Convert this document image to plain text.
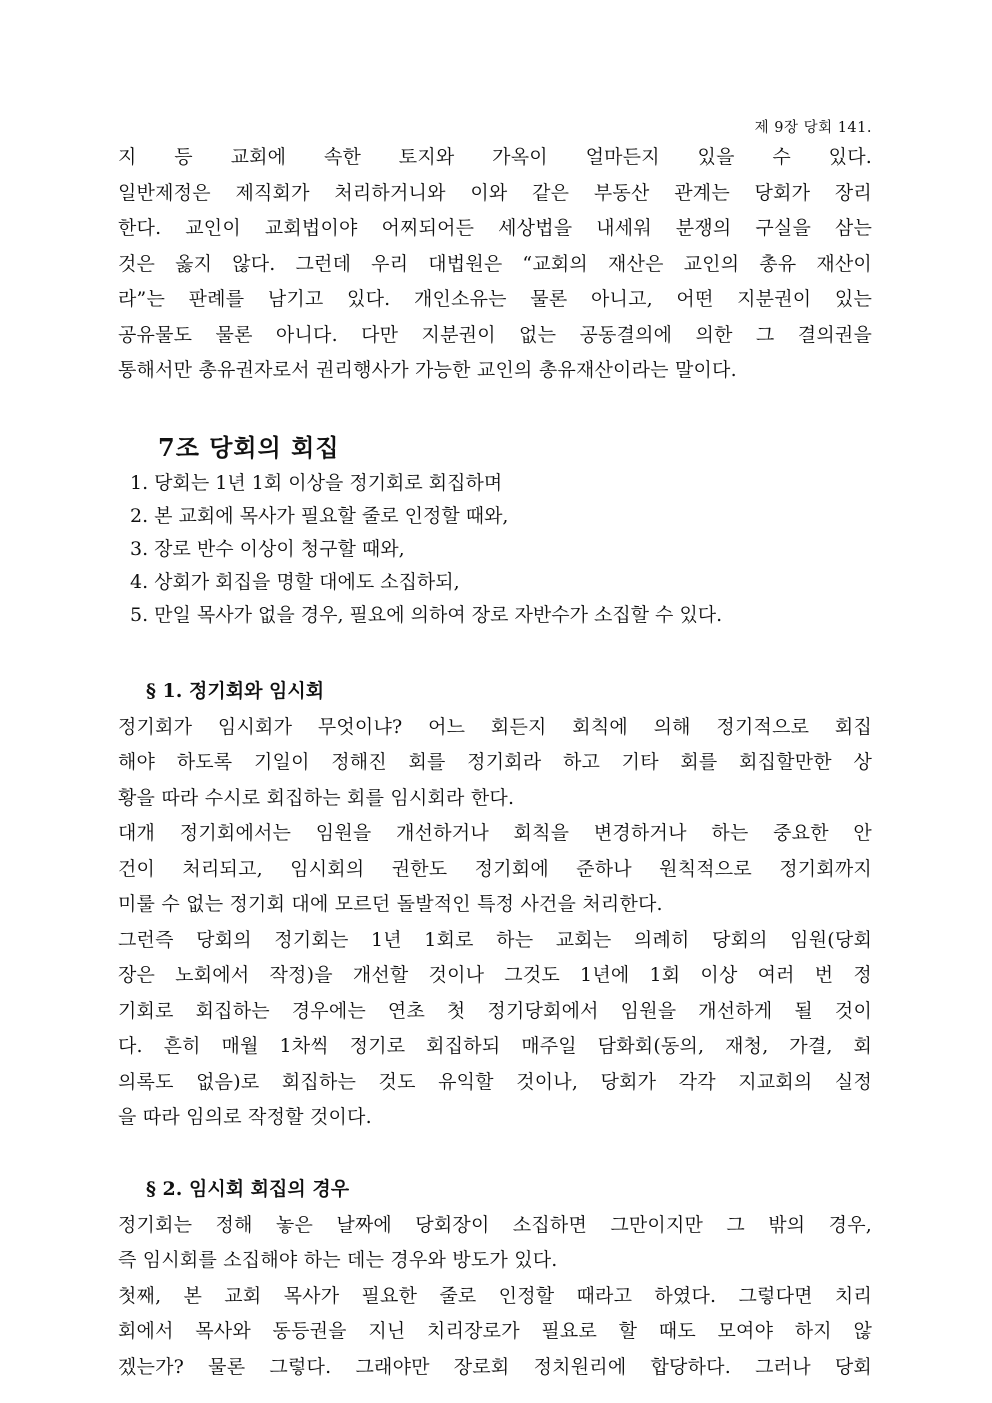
제 9장 당회 141.

지 등 교회에 속한 토지와 가옥이 얼마든지 있을 수 있다.

일반제정은 제직회가 처리하거니와 이와 같은 부동산 관계는 당회가 장리

한다. 교인이 교회법이야 어찌되어든 세상법을 내세워 분쟁의 구실을 삼는

것은 옳지 않다. 그런데 우리 대법원은 “교회의 재산은 교인의 총유 재산이

라”는 판례를 남기고 있다. 개인소유는 물론 아니고, 어떤 지분권이 있는

공유물도 물론 아니다. 다만 지분권이 없는 공동결의에 의한 그 결의권을

통해서만 총유권자로서 권리행사가 가능한 교인의 총유재산이라는 말이다.

7조 당회의 회집
1. 당회는 1년 1회 이상을 정기회로 회집하며
2. 본 교회에 목사가 필요할 줄로 인정할 때와,
3. 장로 반수 이상이 청구할 때와,
4. 상회가 회집을 명할 대에도 소집하되,
5. 만일 목사가 없을 경우, 필요에 의하여 장로 자반수가 소집할 수 있다.
§ 1. 정기회와 임시회

정기회가 임시회가 무엇이냐? 어느 회든지 회칙에 의해 정기적으로 회집

해야 하도록 기일이 정해진 회를 정기회라 하고 기타 회를 회집할만한 상

황을 따라 수시로 회집하는 회를 임시회라 한다.

대개 정기회에서는 임원을 개선하거나 회칙을 변경하거나 하는 중요한 안

건이 처리되고, 임시회의 권한도 정기회에 준하나 원칙적으로 정기회까지

미룰 수 없는 정기회 대에 모르던 돌발적인 특정 사건을 처리한다.

그런즉 당회의 정기회는 1년 1회로 하는 교회는 의례히 당회의 임원(당회

장은 노회에서 작정)을 개선할 것이나 그것도 1년에 1회 이상 여러 번 정

기회로 회집하는 경우에는 연초 첫 정기당회에서 임원을 개선하게 될 것이

다. 흔히 매월 1차씩 정기로 회집하되 매주일 담화회(동의, 재청, 가결, 회

의록도 없음)로 회집하는 것도 유익할 것이나, 당회가 각각 지교회의 실정

을 따라 임의로 작정할 것이다.

§ 2. 임시회 회집의 경우

정기회는 정해 놓은 날짜에 당회장이 소집하면 그만이지만 그 밖의 경우,

즉 임시회를 소집해야 하는 데는 경우와 방도가 있다.

첫째, 본 교회 목사가 필요한 줄로 인정할 때라고 하였다. 그렇다면 치리

회에서 목사와 동등권을 지닌 치리장로가 필요로 할 때도 모여야 하지 않

겠는가? 물론 그렇다. 그래야만 장로회 정치원리에 합당하다. 그러나 당회
